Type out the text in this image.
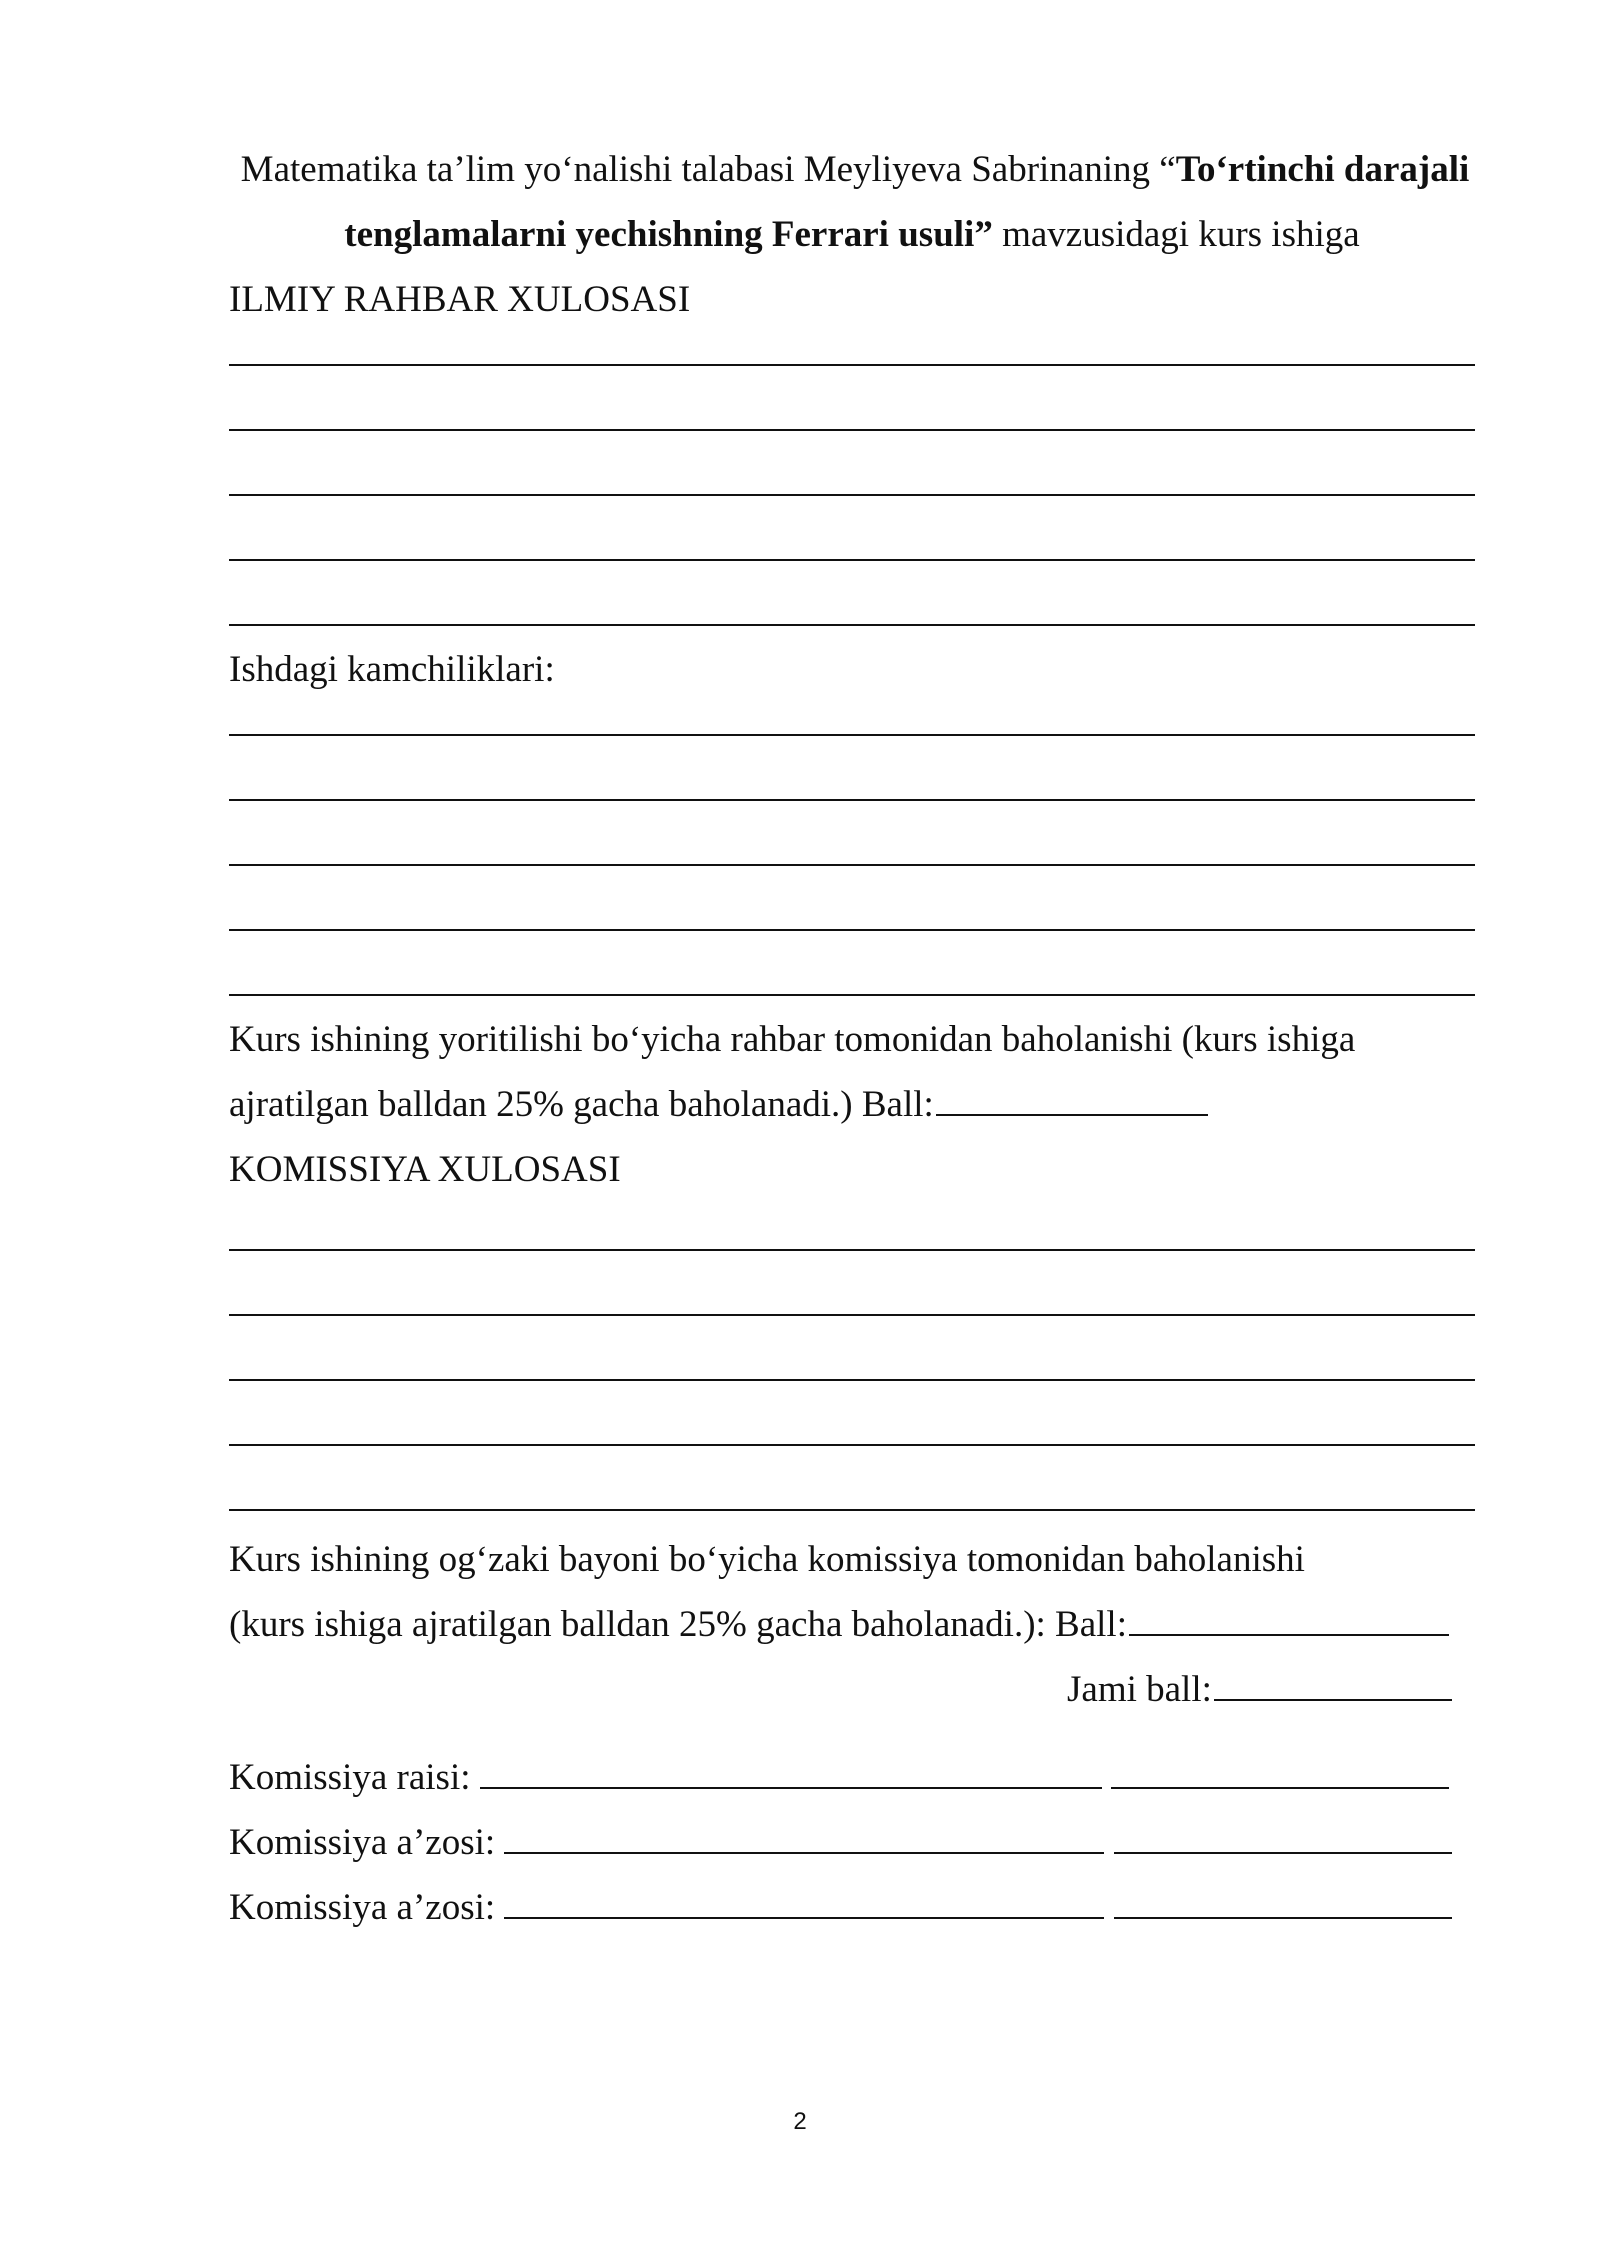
Matematika ta’lim yo‘nalishi talabasi Meyliyeva Sabrinaning “To‘rtinchi darajali
tenglamalarni yechishning Ferrari usuli” mavzusidagi kurs ishiga
ILMIY RAHBAR XULOSASI
Ishdagi kamchiliklari:
Kurs ishining yoritilishi bo‘yicha rahbar tomonidan baholanishi (kurs ishiga
ajratilgan balldan 25% gacha baholanadi.) Ball:
KOMISSIYA XULOSASI
Kurs ishining og‘zaki bayoni bo‘yicha komissiya tomonidan baholanishi
(kurs ishiga ajratilgan balldan 25% gacha baholanadi.): Ball:
Jami ball:
Komissiya raisi:
Komissiya a’zosi:
Komissiya a’zosi:
2
